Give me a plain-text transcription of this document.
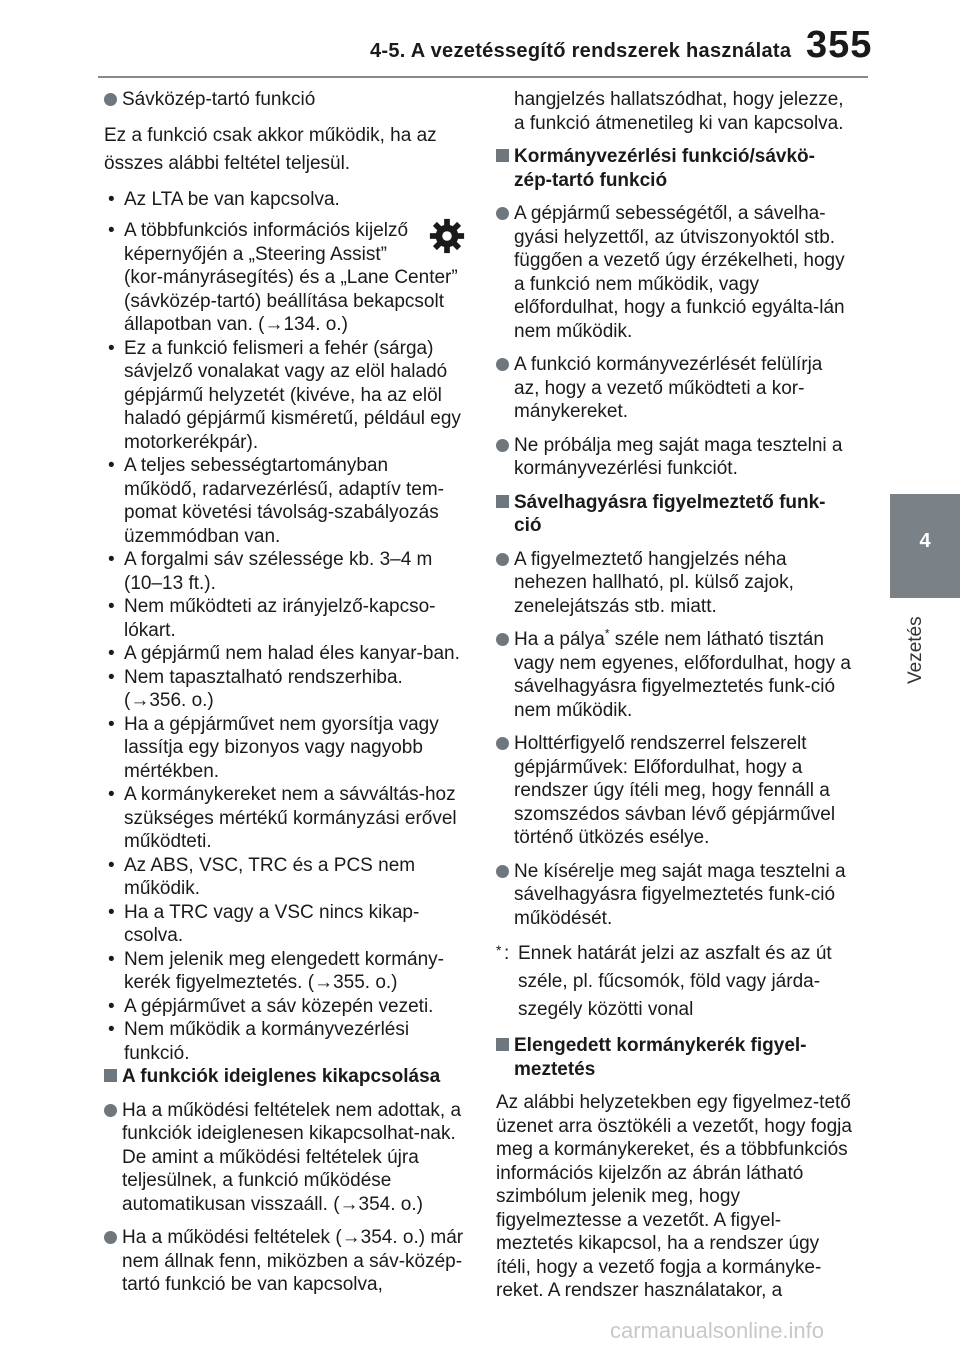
4-5. A vezetéssegítő rendszerek használata 355
4
Vezetés
Sávközép-tartó funkció
Ez a funkció csak akkor működik, ha az összes alábbi feltétel teljesül.
• Az LTA be van kapcsolva.
• A többfunkciós információs kijelző képernyőjén a „Steering Assist” (kor-mányrásegítés) és a „Lane Center” (sávközép-tartó) beállítása bekapcsolt állapotban van. (→134. o.)
• Ez a funkció felismeri a fehér (sárga) sávjelző vonalakat vagy az elöl haladó gépjármű helyzetét (kivéve, ha az elöl haladó gépjármű kisméretű, például egy motorkerékpár).
• A teljes sebességtartományban működő, radarvezérlésű, adaptív tem-pomat követési távolság-szabályozás üzemmódban van.
• A forgalmi sáv szélessége kb. 3–4 m (10–13 ft.).
• Nem működteti az irányjelző-kapcso-lókart.
• A gépjármű nem halad éles kanyar-ban.
• Nem tapasztalható rendszerhiba. (→356. o.)
• Ha a gépjárművet nem gyorsítja vagy lassítja egy bizonyos vagy nagyobb mértékben.
• A kormánykereket nem a sávváltás-hoz szükséges mértékű kormányzási erővel működteti.
• Az ABS, VSC, TRC és a PCS nem működik.
• Ha a TRC vagy a VSC nincs kikap-csolva.
• Nem jelenik meg elengedett kormány-kerék figyelmeztetés. (→355. o.)
• A gépjárművet a sáv közepén vezeti.
• Nem működik a kormányvezérlési funkció.
A funkciók ideiglenes kikapcsolása
Ha a működési feltételek nem adottak, a funkciók ideiglenesen kikapcsolhat-nak. De amint a működési feltételek újra teljesülnek, a funkció működése automatikusan visszaáll. (→354. o.)
Ha a működési feltételek (→354. o.) már nem állnak fenn, miközben a sáv-közép-tartó funkció be van kapcsolva,
hangjelzés hallatszódhat, hogy jelezze, a funkció átmenetileg ki van kapcsolva.
Kormányvezérlési funkció/sávkö-zép-tartó funkció
A gépjármű sebességétől, a sávelha-gyási helyzettől, az útviszonyoktól stb. függően a vezető úgy érzékelheti, hogy a funkció nem működik, vagy előfordulhat, hogy a funkció egyálta-lán nem működik.
A funkció kormányvezérlését felülírja az, hogy a vezető működteti a kor-mánykereket.
Ne próbálja meg saját maga tesztelni a kormányvezérlési funkciót.
Sávelhagyásra figyelmeztető funk-ció
A figyelmeztető hangjelzés néha nehezen hallható, pl. külső zajok, zenelejátszás stb. miatt.
Ha a pálya* széle nem látható tisztán vagy nem egyenes, előfordulhat, hogy a sávelhagyásra figyelmeztetés funk-ció nem működik.
Holttérfigyelő rendszerrel felszerelt gépjárművek: Előfordulhat, hogy a rendszer úgy ítéli meg, hogy fennáll a szomszédos sávban lévő gépjárművel történő ütközés esélye.
Ne kísérelje meg saját maga tesztelni a sávelhagyásra figyelmeztetés funk-ció működését.
* : Ennek határát jelzi az aszfalt és az út széle, pl. fűcsomók, föld vagy járda-szegély közötti vonal
Elengedett kormánykerék figyel-meztetés
Az alábbi helyzetekben egy figyelmez-tető üzenet arra ösztökéli a vezetőt, hogy fogja meg a kormánykereket, és a többfunkciós információs kijelzőn az ábrán látható szimbólum jelenik meg, hogy figyelmeztesse a vezetőt. A figyel-meztetés kikapcsol, ha a rendszer úgy ítéli, hogy a vezető fogja a kormányke-reket. A rendszer használatakor, a
carmanualsonline.info
